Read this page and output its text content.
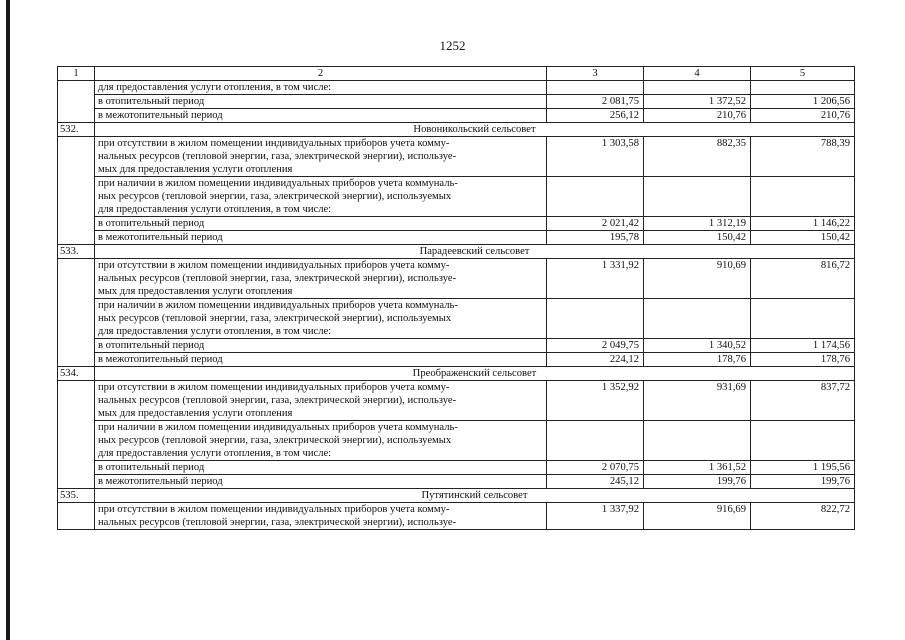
1252
1	2	3	4	5
	для предоставления услуги отопления, в том числе:			
	в отопительный период	2 081,75	1 372,52	1 206,56
	в межотопительный период	256,12	210,76	210,76
532.	Новоникольский сельсовет			

	при отсутствии в жилом помещении индивидуальных приборов учета комму-
нальных ресурсов (тепловой энергии, газа, электрической энергии), используе-
мых для предоставления услуги отопления	1 303,58	882,35	788,39

	при наличии в жилом помещении индивидуальных приборов учета коммуналь-
ных ресурсов (тепловой энергии, газа, электрической энергии), используемых
для предоставления услуги отопления, в том числе:			

	в отопительный период	2 021,42	1 312,19	1 146,22
	в межотопительный период	195,78	150,42	150,42
533.	Парадеевский сельсовет			

	при отсутствии в жилом помещении индивидуальных приборов учета комму-
нальных ресурсов (тепловой энергии, газа, электрической энергии), используе-
мых для предоставления услуги отопления	1 331,92	910,69	816,72

	при наличии в жилом помещении индивидуальных приборов учета коммуналь-
ных ресурсов (тепловой энергии, газа, электрической энергии), используемых
для предоставления услуги отопления, в том числе:			

	в отопительный период	2 049,75	1 340,52	1 174,56
	в межотопительный период	224,12	178,76	178,76
534.	Преображенский сельсовет			

	при отсутствии в жилом помещении индивидуальных приборов учета комму-
нальных ресурсов (тепловой энергии, газа, электрической энергии), используе-
мых для предоставления услуги отопления	1 352,92	931,69	837,72

	при наличии в жилом помещении индивидуальных приборов учета коммуналь-
ных ресурсов (тепловой энергии, газа, электрической энергии), используемых
для предоставления услуги отопления, в том числе:			

	в отопительный период	2 070,75	1 361,52	1 195,56
	в межотопительный период	245,12	199,76	199,76
535.	Путятинский сельсовет			

	при отсутствии в жилом помещении индивидуальных приборов учета комму-
нальных ресурсов (тепловой энергии, газа, электрической энергии), используе-	1 337,92	916,69	822,72
